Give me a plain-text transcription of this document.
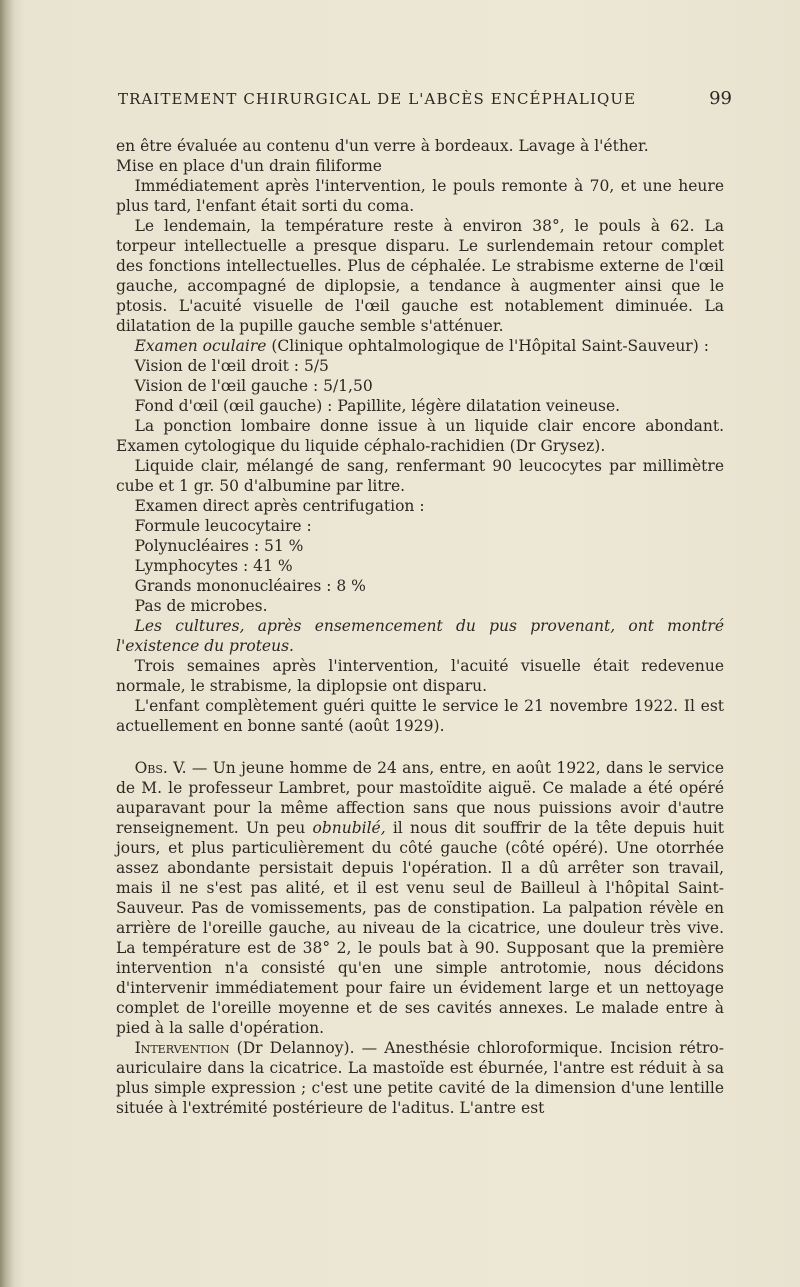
TRAITEMENT CHIRURGICAL DE L'ABCÈS ENCÉPHALIQUE	99

en être évaluée au contenu d'un verre à bordeaux. Lavage à l'éther.

Mise en place d'un drain filiforme

Immédiatement après l'intervention, le pouls remonte à 70, et une heure plus tard, l'enfant était sorti du coma.

Le lendemain, la température reste à environ 38°, le pouls à 62. La torpeur intellectuelle a presque disparu. Le surlendemain retour complet des fonctions intellectuelles. Plus de céphalée. Le strabisme externe de l'œil gauche, accompagné de diplopsie, a tendance à augmenter ainsi que le ptosis. L'acuité visuelle de l'œil gauche est notablement diminuée. La dilatation de la pupille gauche semble s'atténuer.

Examen oculaire (Clinique ophtalmologique de l'Hôpital Saint-Sauveur) :

Vision de l'œil droit : 5/5

Vision de l'œil gauche : 5/1,50

Fond d'œil (œil gauche) : Papillite, légère dilatation veineuse.

La ponction lombaire donne issue à un liquide clair encore abondant. Examen cytologique du liquide céphalo-rachidien (Dr Grysez).

Liquide clair, mélangé de sang, renfermant 90 leucocytes par millimètre cube et 1 gr. 50 d'albumine par litre.

Examen direct après centrifugation :

Formule leucocytaire :

Polynucléaires : 51 %

Lymphocytes : 41 %

Grands mononucléaires : 8 %

Pas de microbes.

Les cultures, après ensemencement du pus provenant, ont montré l'existence du proteus.

Trois semaines après l'intervention, l'acuité visuelle était redevenue normale, le strabisme, la diplopsie ont disparu.

L'enfant complètement guéri quitte le service le 21 novembre 1922. Il est actuellement en bonne santé (août 1929).

Obs. V. — Un jeune homme de 24 ans, entre, en août 1922, dans le service de M. le professeur Lambret, pour mastoïdite aiguë. Ce malade a été opéré auparavant pour la même affection sans que nous puissions avoir d'autre renseignement. Un peu obnubilé, il nous dit souffrir de la tête depuis huit jours, et plus particulièrement du côté gauche (côté opéré). Une otorrhée assez abondante persistait depuis l'opération. Il a dû arrêter son travail, mais il ne s'est pas alité, et il est venu seul de Bailleul à l'hôpital Saint-Sauveur. Pas de vomissements, pas de constipation. La palpation révèle en arrière de l'oreille gauche, au niveau de la cicatrice, une douleur très vive. La température est de 38° 2, le pouls bat à 90. Supposant que la première intervention n'a consisté qu'en une simple antrotomie, nous décidons d'intervenir immédiatement pour faire un évidement large et un nettoyage complet de l'oreille moyenne et de ses cavités annexes. Le malade entre à pied à la salle d'opération.

Intervention (Dr Delannoy). — Anesthésie chloroformique. Incision rétro-auriculaire dans la cicatrice. La mastoïde est éburnée, l'antre est réduit à sa plus simple expression ; c'est une petite cavité de la dimension d'une lentille située à l'extrémité postérieure de l'aditus. L'antre est
